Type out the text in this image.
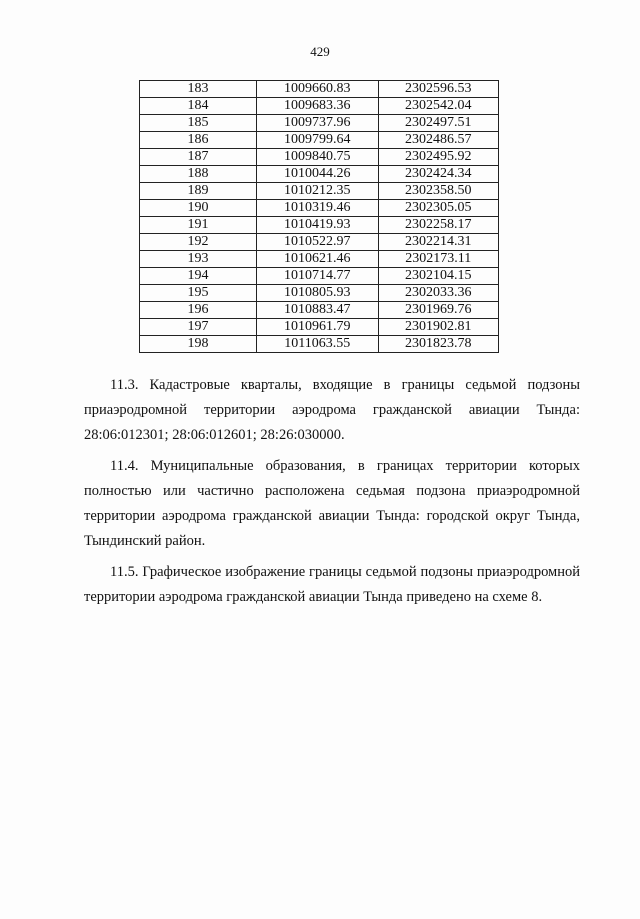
429
183	1009660.83	2302596.53
184	1009683.36	2302542.04
185	1009737.96	2302497.51
186	1009799.64	2302486.57
187	1009840.75	2302495.92
188	1010044.26	2302424.34
189	1010212.35	2302358.50
190	1010319.46	2302305.05
191	1010419.93	2302258.17
192	1010522.97	2302214.31
193	1010621.46	2302173.11
194	1010714.77	2302104.15
195	1010805.93	2302033.36
196	1010883.47	2301969.76
197	1010961.79	2301902.81
198	1011063.55	2301823.78

11.3. Кадастровые кварталы, входящие в границы седьмой подзоны приаэродромной территории аэродрома гражданской авиации Тында: 28:06:012301; 28:06:012601; 28:26:030000.

11.4. Муниципальные образования, в границах территории которых полностью или частично расположена седьмая подзона приаэродромной территории аэродрома гражданской авиации Тында: городской округ Тында, Тындинский район.

11.5. Графическое изображение границы седьмой подзоны приаэродромной территории аэродрома гражданской авиации Тында приведено на схеме 8.
